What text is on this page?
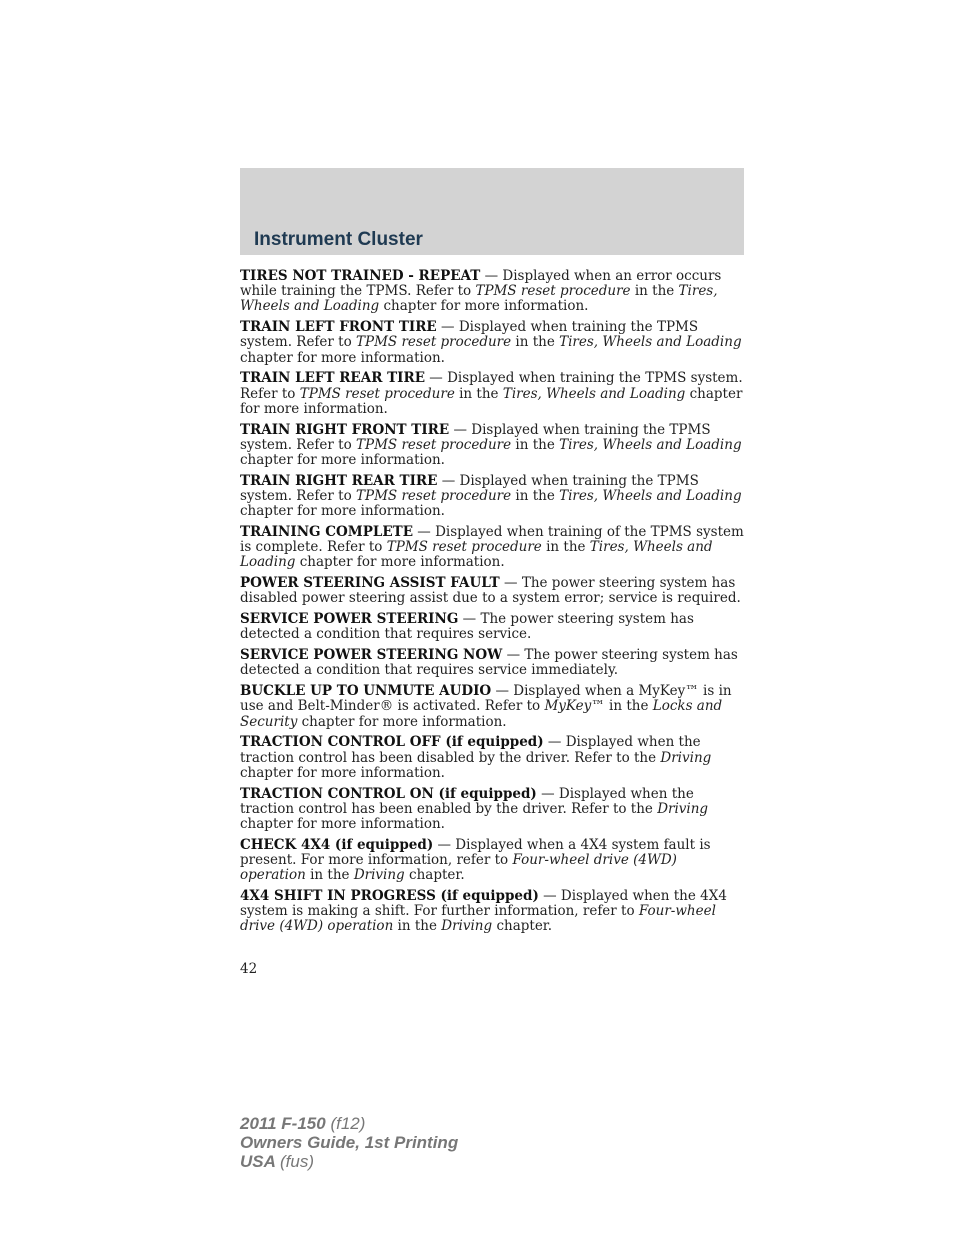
Instrument Cluster

TIRES NOT TRAINED - REPEAT — Displayed when an error occurs while training the TPMS. Refer to TPMS reset procedure in the Tires, Wheels and Loading chapter for more information.

TRAIN LEFT FRONT TIRE — Displayed when training the TPMS system. Refer to TPMS reset procedure in the Tires, Wheels and Loading chapter for more information.

TRAIN LEFT REAR TIRE — Displayed when training the TPMS system. Refer to TPMS reset procedure in the Tires, Wheels and Loading chapter for more information.

TRAIN RIGHT FRONT TIRE — Displayed when training the TPMS system. Refer to TPMS reset procedure in the Tires, Wheels and Loading chapter for more information.

TRAIN RIGHT REAR TIRE — Displayed when training the TPMS system. Refer to TPMS reset procedure in the Tires, Wheels and Loading chapter for more information.

TRAINING COMPLETE — Displayed when training of the TPMS system is complete. Refer to TPMS reset procedure in the Tires, Wheels and Loading chapter for more information.

POWER STEERING ASSIST FAULT — The power steering system has disabled power steering assist due to a system error; service is required.

SERVICE POWER STEERING — The power steering system has detected a condition that requires service.

SERVICE POWER STEERING NOW — The power steering system has detected a condition that requires service immediately.

BUCKLE UP TO UNMUTE AUDIO — Displayed when a MyKey™ is in use and Belt-Minder® is activated. Refer to MyKey™ in the Locks and Security chapter for more information.

TRACTION CONTROL OFF (if equipped) — Displayed when the traction control has been disabled by the driver. Refer to the Driving chapter for more information.

TRACTION CONTROL ON (if equipped) — Displayed when the traction control has been enabled by the driver. Refer to the Driving chapter for more information.

CHECK 4X4 (if equipped) — Displayed when a 4X4 system fault is present. For more information, refer to Four-wheel drive (4WD) operation in the Driving chapter.

4X4 SHIFT IN PROGRESS (if equipped) — Displayed when the 4X4 system is making a shift. For further information, refer to Four-wheel drive (4WD) operation in the Driving chapter.

42
2011 F-150 (f12)
Owners Guide, 1st Printing
USA (fus)
